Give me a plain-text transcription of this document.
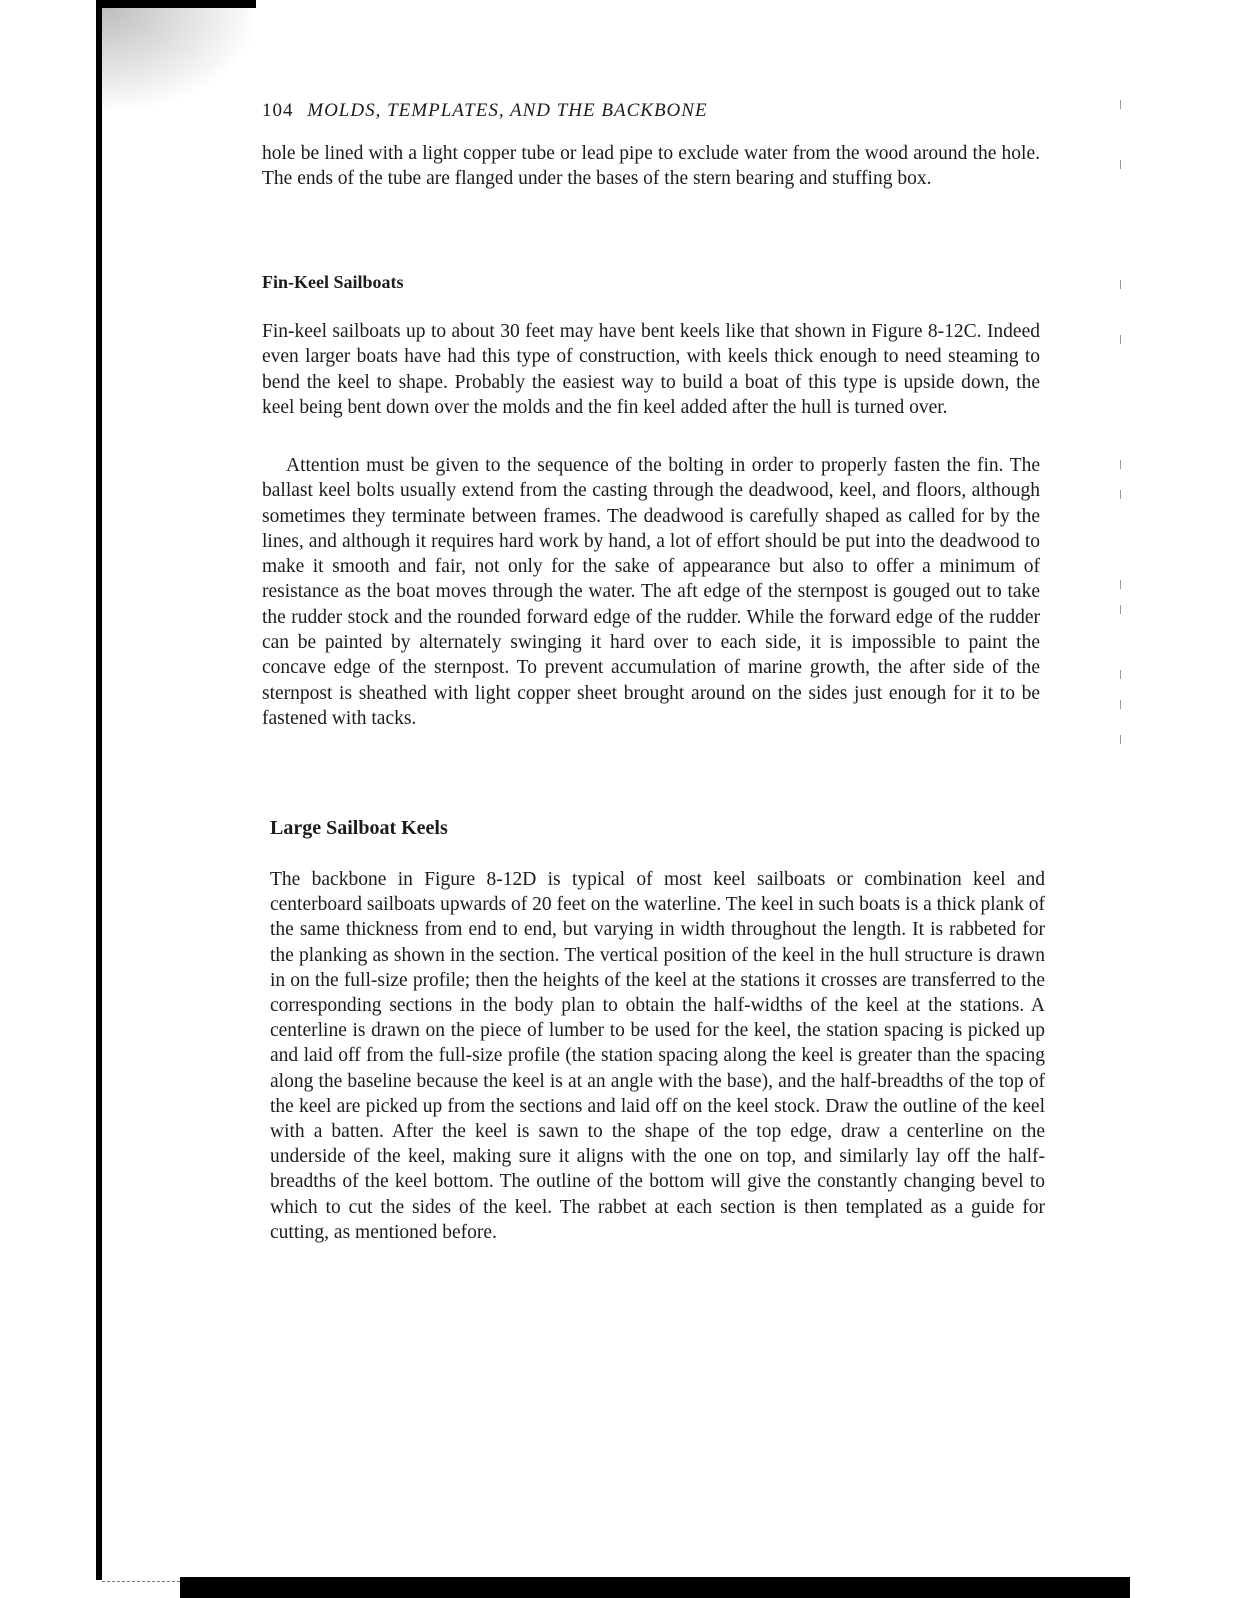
104 MOLDS, TEMPLATES, AND THE BACKBONE

hole be lined with a light copper tube or lead pipe to exclude water from the wood around the hole. The ends of the tube are flanged under the bases of the stern bearing and stuffing box.

Fin-Keel Sailboats

Fin-keel sailboats up to about 30 feet may have bent keels like that shown in Figure 8-12C. Indeed even larger boats have had this type of construction, with keels thick enough to need steaming to bend the keel to shape. Probably the easiest way to build a boat of this type is upside down, the keel being bent down over the molds and the fin keel added after the hull is turned over.

Attention must be given to the sequence of the bolting in order to properly fasten the fin. The ballast keel bolts usually extend from the casting through the deadwood, keel, and floors, although sometimes they terminate between frames. The deadwood is carefully shaped as called for by the lines, and although it requires hard work by hand, a lot of effort should be put into the deadwood to make it smooth and fair, not only for the sake of appearance but also to offer a minimum of resistance as the boat moves through the water. The aft edge of the sternpost is gouged out to take the rudder stock and the rounded forward edge of the rudder. While the forward edge of the rudder can be painted by alternately swinging it hard over to each side, it is impossible to paint the concave edge of the sternpost. To prevent accumulation of marine growth, the after side of the sternpost is sheathed with light copper sheet brought around on the sides just enough for it to be fastened with tacks.

Large Sailboat Keels

The backbone in Figure 8-12D is typical of most keel sailboats or combination keel and centerboard sailboats upwards of 20 feet on the waterline. The keel in such boats is a thick plank of the same thickness from end to end, but varying in width throughout the length. It is rabbeted for the planking as shown in the section. The vertical position of the keel in the hull structure is drawn in on the full-size profile; then the heights of the keel at the stations it crosses are transferred to the corresponding sections in the body plan to obtain the half-widths of the keel at the stations. A centerline is drawn on the piece of lumber to be used for the keel, the station spacing is picked up and laid off from the full-size profile (the station spacing along the keel is greater than the spacing along the baseline because the keel is at an angle with the base), and the half-breadths of the top of the keel are picked up from the sections and laid off on the keel stock. Draw the outline of the keel with a batten. After the keel is sawn to the shape of the top edge, draw a centerline on the underside of the keel, making sure it aligns with the one on top, and similarly lay off the half-breadths of the keel bottom. The outline of the bottom will give the constantly changing bevel to which to cut the sides of the keel. The rabbet at each section is then templated as a guide for cutting, as mentioned before.
